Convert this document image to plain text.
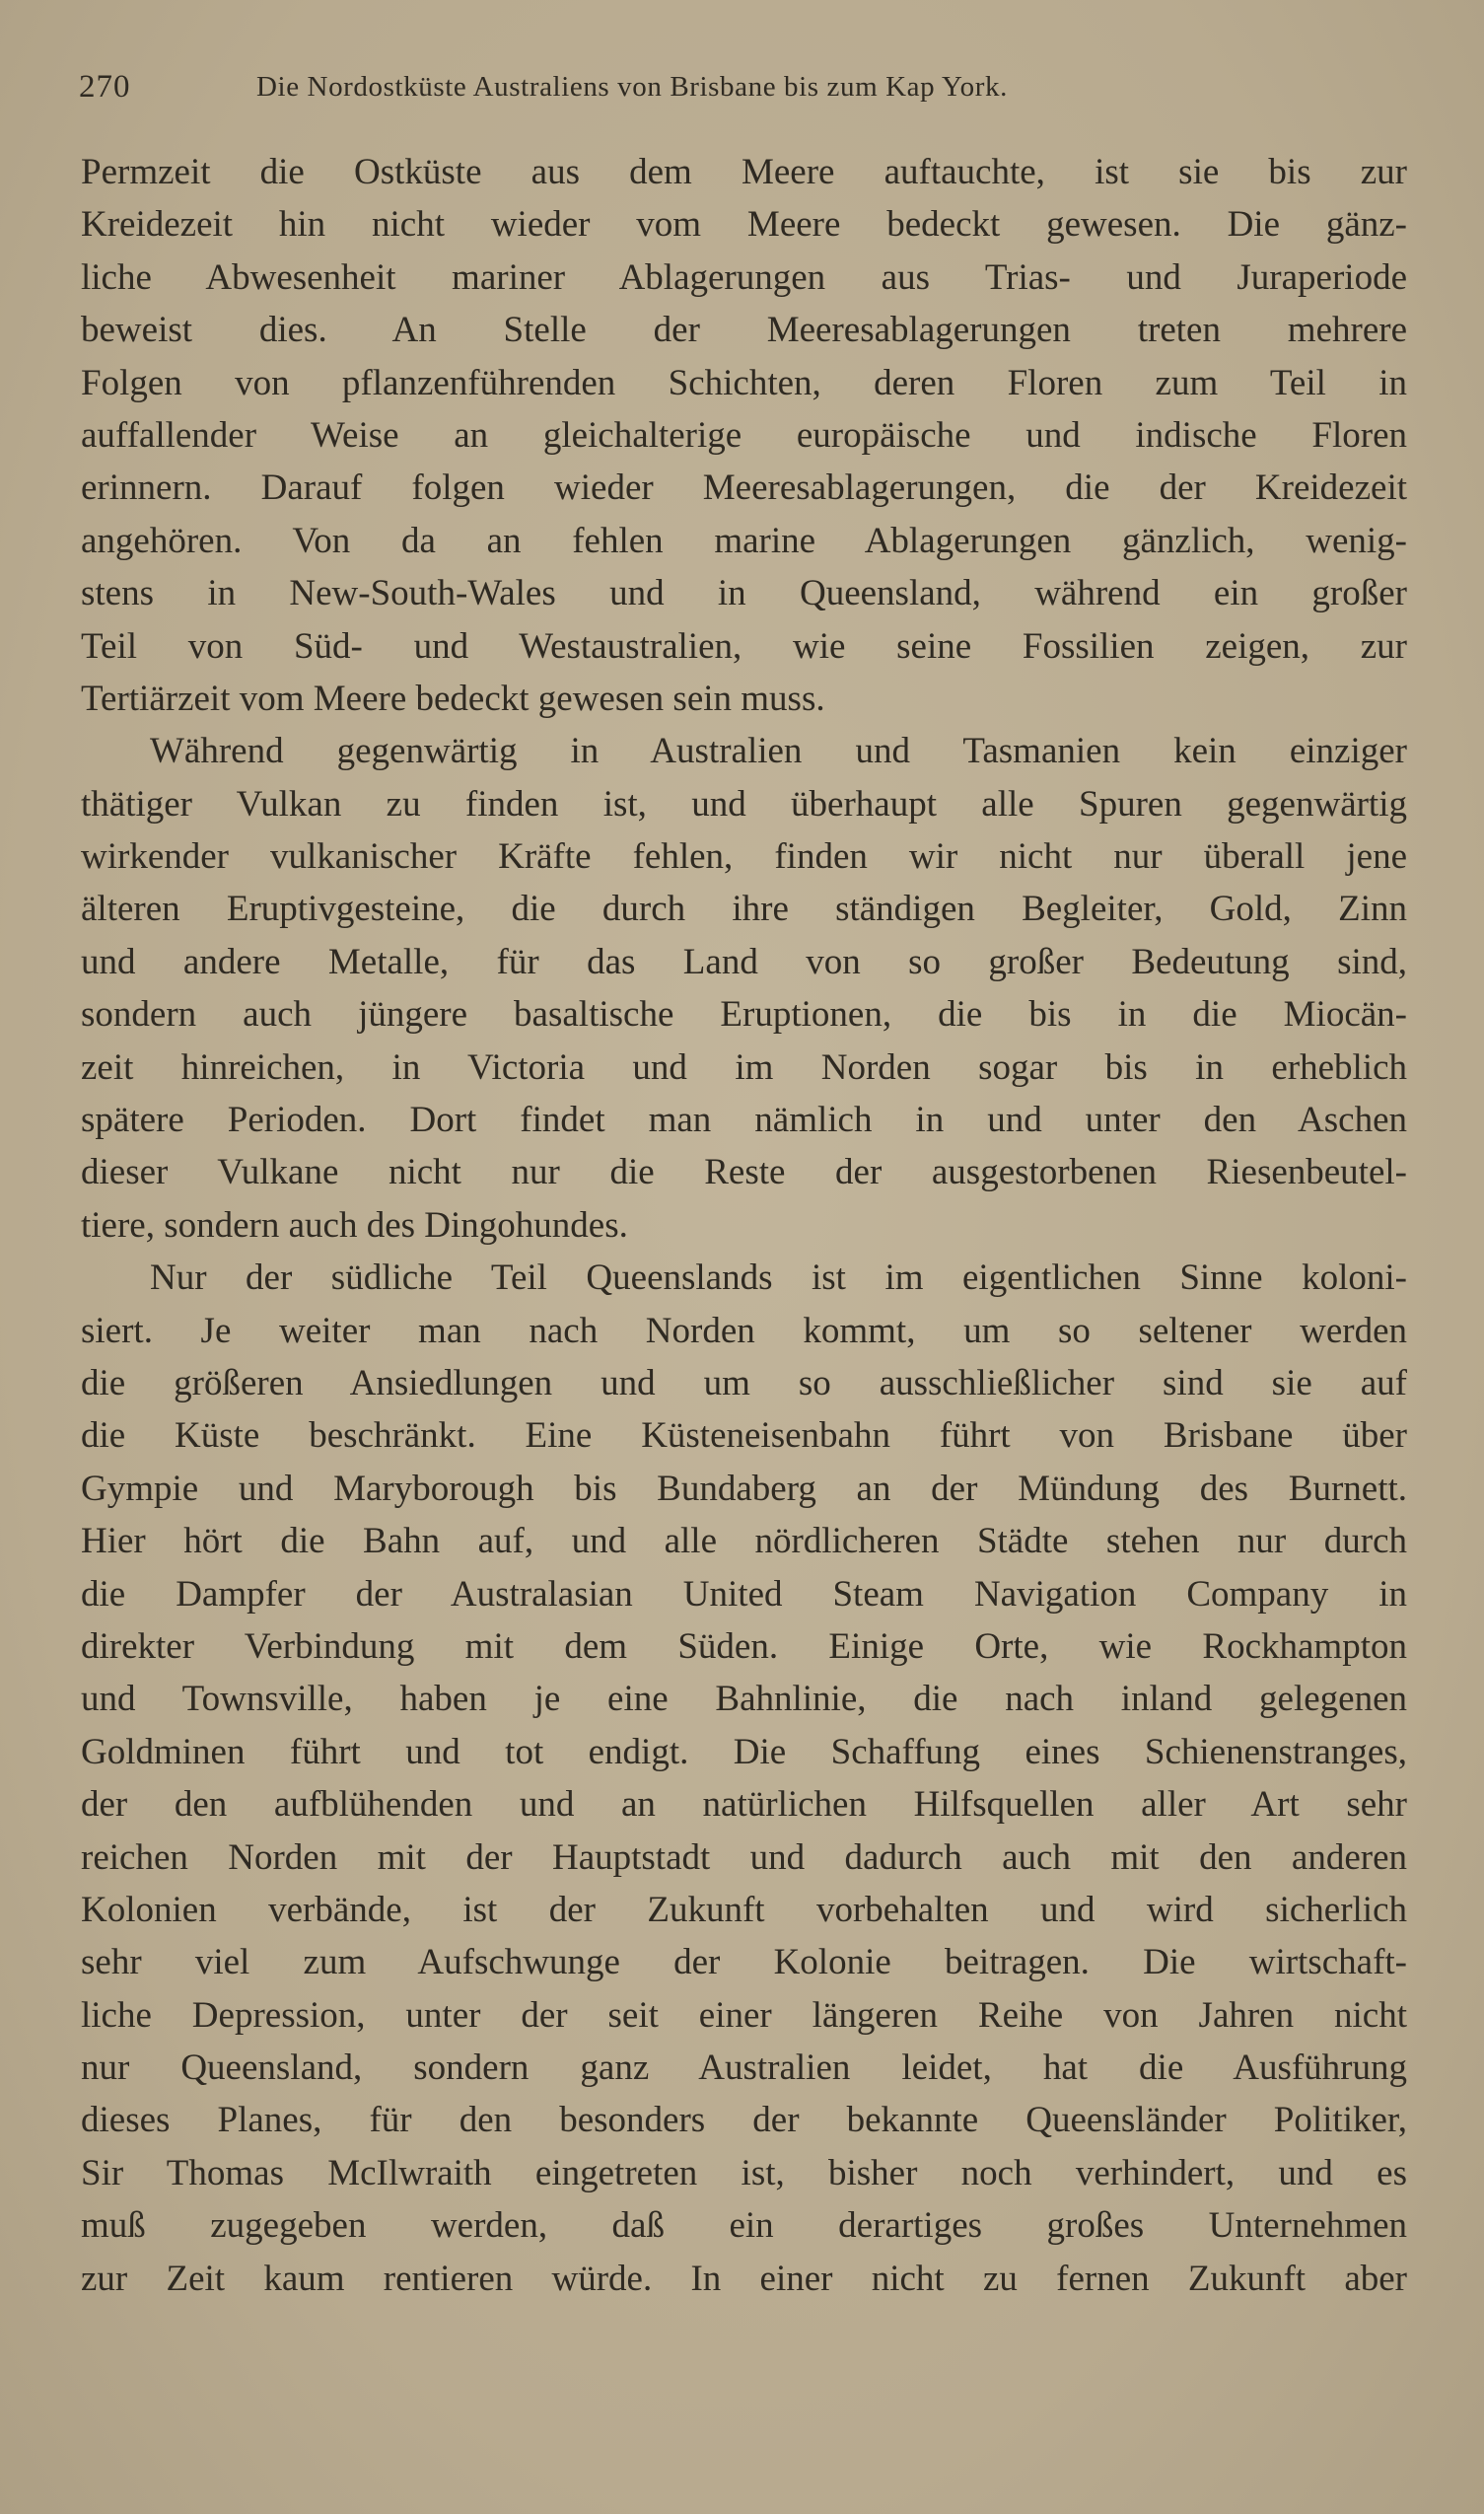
270	Die Nordostküste Australiens von Brisbane bis zum Kap York.
Permzeit die Ostküste aus dem Meere auftauchte, ist sie bis zur
Kreidezeit hin nicht wieder vom Meere bedeckt gewesen. Die gänz-
liche Abwesenheit mariner Ablagerungen aus Trias- und Juraperiode
beweist dies. An Stelle der Meeresablagerungen treten mehrere
Folgen von pflanzenführenden Schichten, deren Floren zum Teil in
auffallender Weise an gleichalterige europäische und indische Floren
erinnern. Darauf folgen wieder Meeresablagerungen, die der Kreidezeit
angehören. Von da an fehlen marine Ablagerungen gänzlich, wenig-
stens in New-South-Wales und in Queensland, während ein großer
Teil von Süd- und Westaustralien, wie seine Fossilien zeigen, zur
Tertiärzeit vom Meere bedeckt gewesen sein muss.
Während gegenwärtig in Australien und Tasmanien kein einziger
thätiger Vulkan zu finden ist, und überhaupt alle Spuren gegenwärtig
wirkender vulkanischer Kräfte fehlen, finden wir nicht nur überall jene
älteren Eruptivgesteine, die durch ihre ständigen Begleiter, Gold, Zinn
und andere Metalle, für das Land von so großer Bedeutung sind,
sondern auch jüngere basaltische Eruptionen, die bis in die Miocän-
zeit hinreichen, in Victoria und im Norden sogar bis in erheblich
spätere Perioden. Dort findet man nämlich in und unter den Aschen
dieser Vulkane nicht nur die Reste der ausgestorbenen Riesenbeutel-
tiere, sondern auch des Dingohundes.
Nur der südliche Teil Queenslands ist im eigentlichen Sinne koloni-
siert. Je weiter man nach Norden kommt, um so seltener werden
die größeren Ansiedlungen und um so ausschließlicher sind sie auf
die Küste beschränkt. Eine Küsteneisenbahn führt von Brisbane über
Gympie und Maryborough bis Bundaberg an der Mündung des Burnett.
Hier hört die Bahn auf, und alle nördlicheren Städte stehen nur durch
die Dampfer der Australasian United Steam Navigation Company in
direkter Verbindung mit dem Süden. Einige Orte, wie Rockhampton
und Townsville, haben je eine Bahnlinie, die nach inland gelegenen
Goldminen führt und tot endigt. Die Schaffung eines Schienenstranges,
der den aufblühenden und an natürlichen Hilfsquellen aller Art sehr
reichen Norden mit der Hauptstadt und dadurch auch mit den anderen
Kolonien verbände, ist der Zukunft vorbehalten und wird sicherlich
sehr viel zum Aufschwunge der Kolonie beitragen. Die wirtschaft-
liche Depression, unter der seit einer längeren Reihe von Jahren nicht
nur Queensland, sondern ganz Australien leidet, hat die Ausführung
dieses Planes, für den besonders der bekannte Queensländer Politiker,
Sir Thomas McIlwraith eingetreten ist, bisher noch verhindert, und es
muß zugegeben werden, daß ein derartiges großes Unternehmen
zur Zeit kaum rentieren würde. In einer nicht zu fernen Zukunft aber
